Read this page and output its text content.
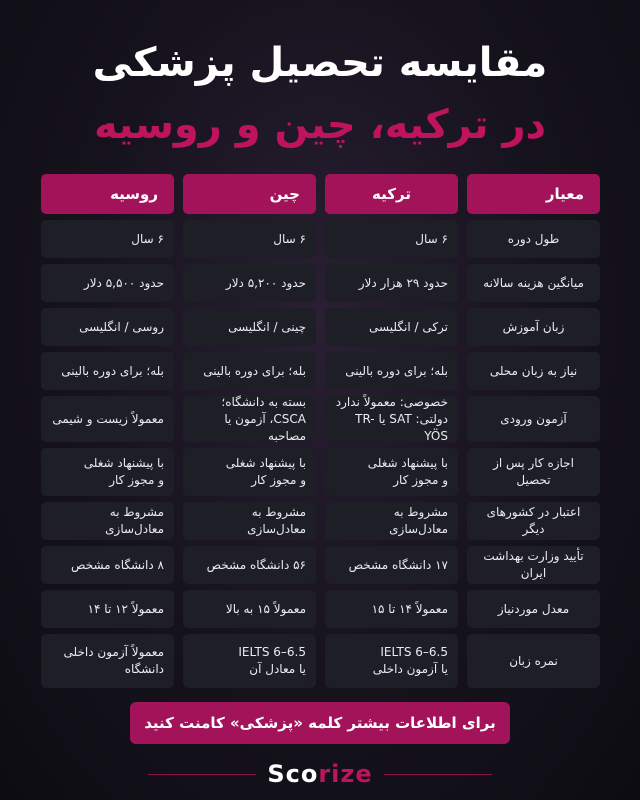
مقایسه تحصیل پزشکی
در ترکیه، چین و روسیه
معیار
ترکیه
چین
روسیه
طول دوره
۶ سال
۶ سال
۶ سال
میانگین هزینه سالانه
حدود ۲۹ هزار دلار
حدود ۵,۲۰۰ دلار
حدود ۵,۵۰۰ دلار
زبان آموزش
ترکی / انگلیسی
چینی / انگلیسی
روسی / انگلیسی
نیاز به زبان محلی
بله؛ برای دوره بالینی
بله؛ برای دوره بالینی
بله؛ برای دوره بالینی
آزمون ورودی
خصوصی: معمولاً ندارد
دولتی: SAT یا TR-YÖS
بسته به دانشگاه؛
CSCA، آزمون یا مصاحبه
معمولاً زیست و شیمی
اجازه کار پس از تحصیل
با پیشنهاد شغلی
و مجوز کار
با پیشنهاد شغلی
و مجوز کار
با پیشنهاد شغلی
و مجوز کار
اعتبار در کشورهای دیگر
مشروط به معادل‌سازی
مشروط به معادل‌سازی
مشروط به معادل‌سازی
تأیید وزارت بهداشت ایران
۱۷ دانشگاه مشخص
۵۶ دانشگاه مشخص
۸ دانشگاه مشخص
معدل موردنیاز
معمولاً ۱۴ تا ۱۵
معمولاً ۱۵ به بالا
معمولاً ۱۲ تا ۱۴
نمره زبان
IELTS 6–6.5
یا آزمون داخلی
IELTS 6–6.5
یا معادل آن
معمولاً آزمون داخلی
دانشگاه
برای اطلاعات بیشتر کلمه «پزشکی» کامنت کنید
Scorize
